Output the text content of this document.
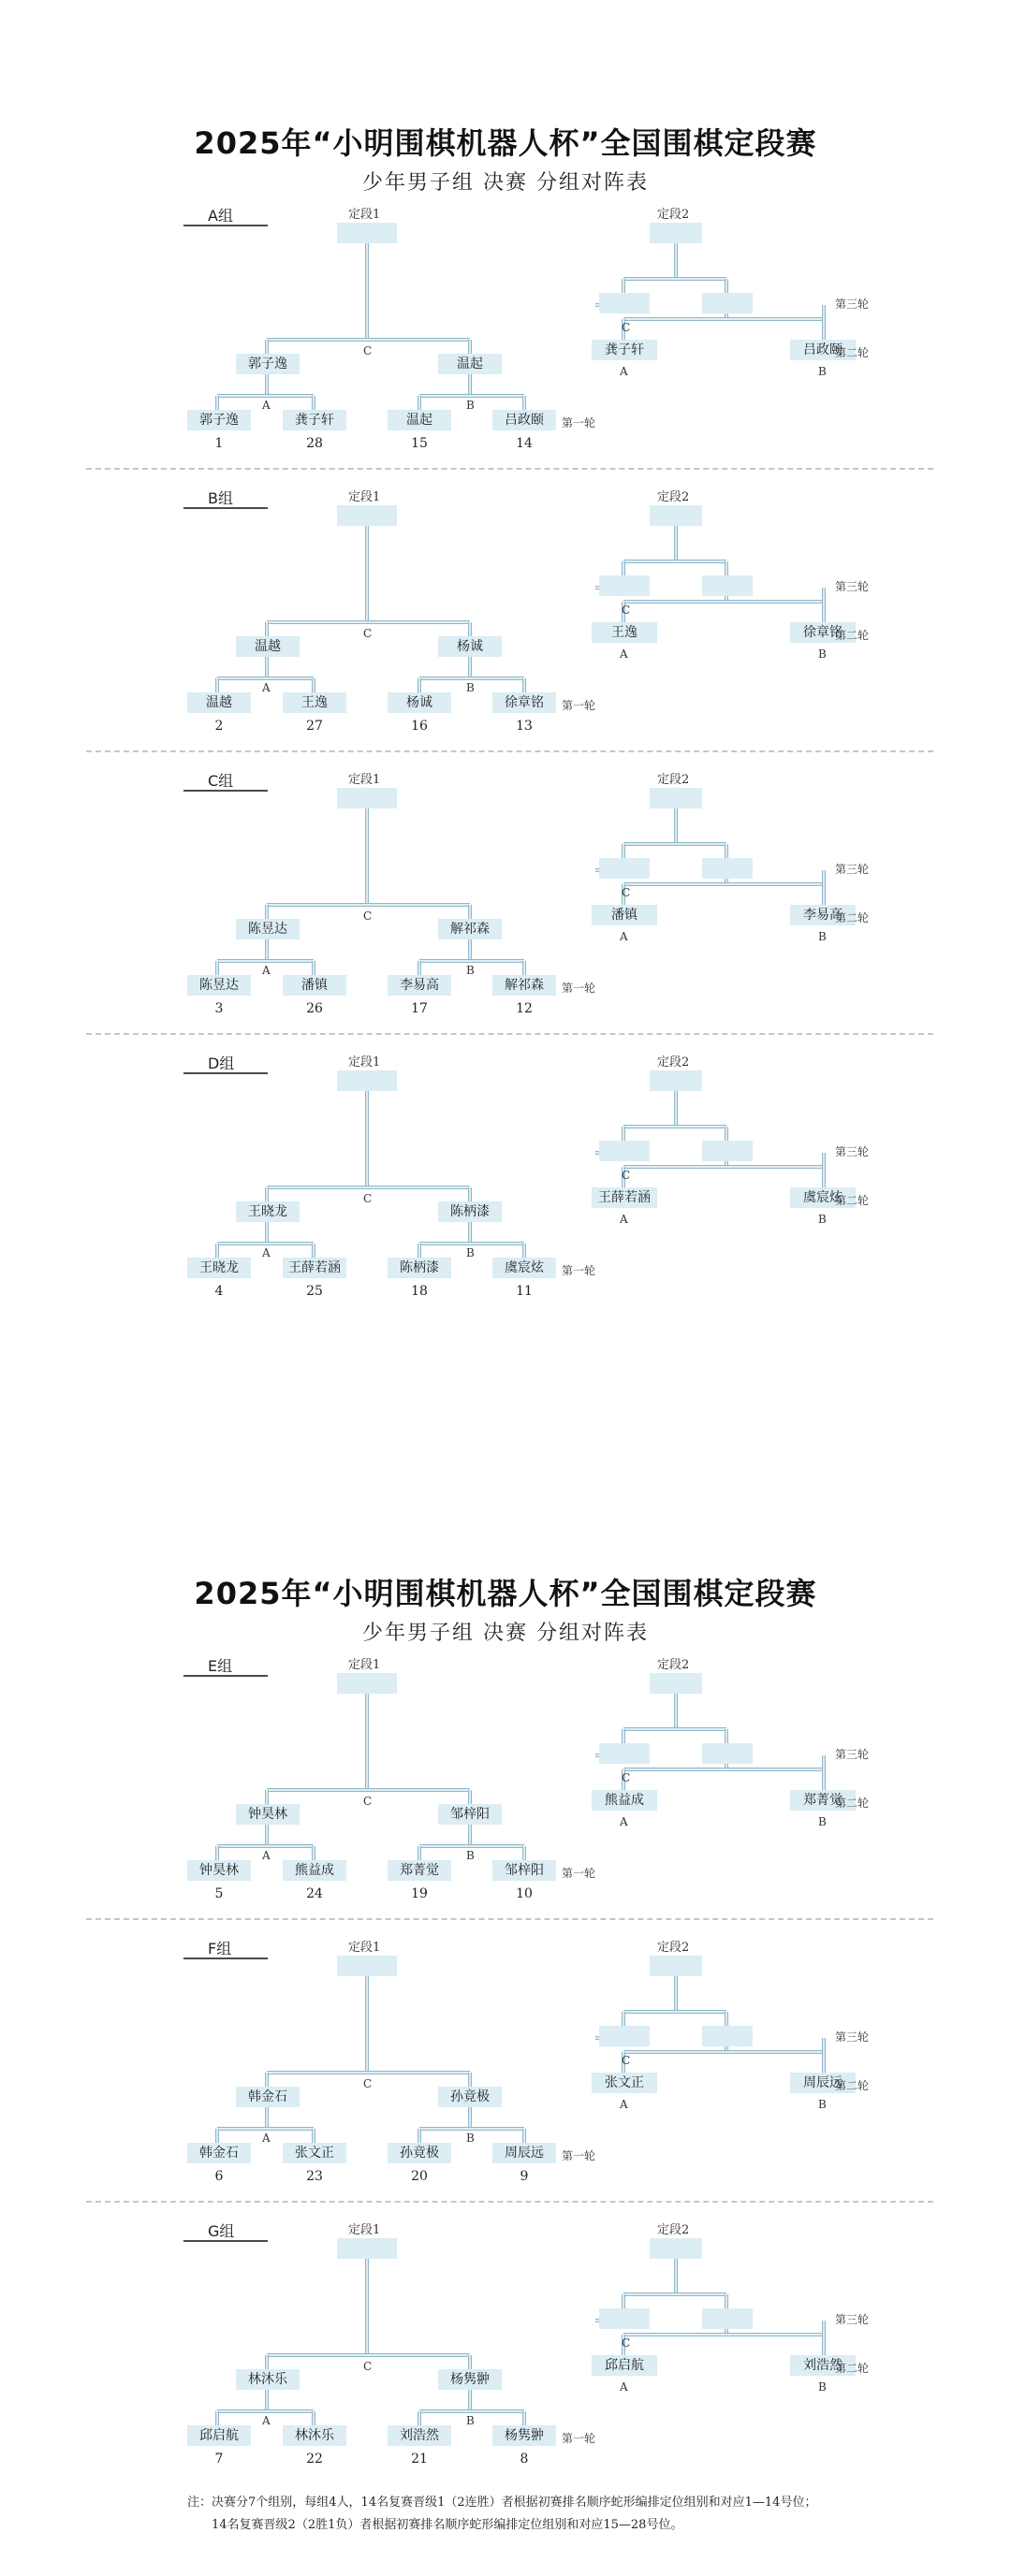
2025年“小明围棋机器人杯”全国围棋定段赛
少年男子组 决赛 分组对阵表
A组	定段1
C
郭子逸	温起
A	B
郭子逸
1
龚子轩
28
温起
15
吕政颐
14
第一轮
定段2
C
第三轮
龚子轩	吕政颐
A	B
第二轮
B组	定段1
C
温越	杨诚
A	B
温越
2
王逸
27
杨诚
16
徐章铭
13
第一轮
定段2
C
第三轮
王逸	徐章铭
A	B
第二轮
C组	定段1
C
陈昱达	解祁森
A	B
陈昱达
3
潘镇
26
李易高
17
解祁森
12
第一轮
定段2
C
第三轮
潘镇	李易高
A	B
第二轮
D组	定段1
C
王晓龙	陈柄漆
A	B
王晓龙
4
王薛若涵
25
陈柄漆
18
虞宸炫
11
第一轮
定段2
C
第三轮
王薛若涵	虞宸炫
A	B
第二轮
2025年“小明围棋机器人杯”全国围棋定段赛
少年男子组 决赛 分组对阵表
E组	定段1
C
钟昊林	邹梓阳
A	B
钟昊林
5
熊益成
24
郑菁觉
19
邹梓阳
10
第一轮
定段2
C
第三轮
熊益成	郑菁觉
A	B
第二轮
F组	定段1
C
韩金石	孙竟极
A	B
韩金石
6
张文正
23
孙竟极
20
周辰远
9
第一轮
定段2
C
第三轮
张文正	周辰远
A	B
第二轮
G组	定段1
C
林沐乐	杨隽翀
A	B
邱启航
7
林沐乐
22
刘浩然
21
杨隽翀
8
第一轮
定段2
C
第三轮
邱启航	刘浩然
A	B
第二轮
注：决赛分7个组别，每组4人，14名复赛晋级1（2连胜）者根据初赛排名顺序蛇形编排定位组别和对应1—14号位；
14名复赛晋级2（2胜1负）者根据初赛排名顺序蛇形编排定位组别和对应15—28号位。
